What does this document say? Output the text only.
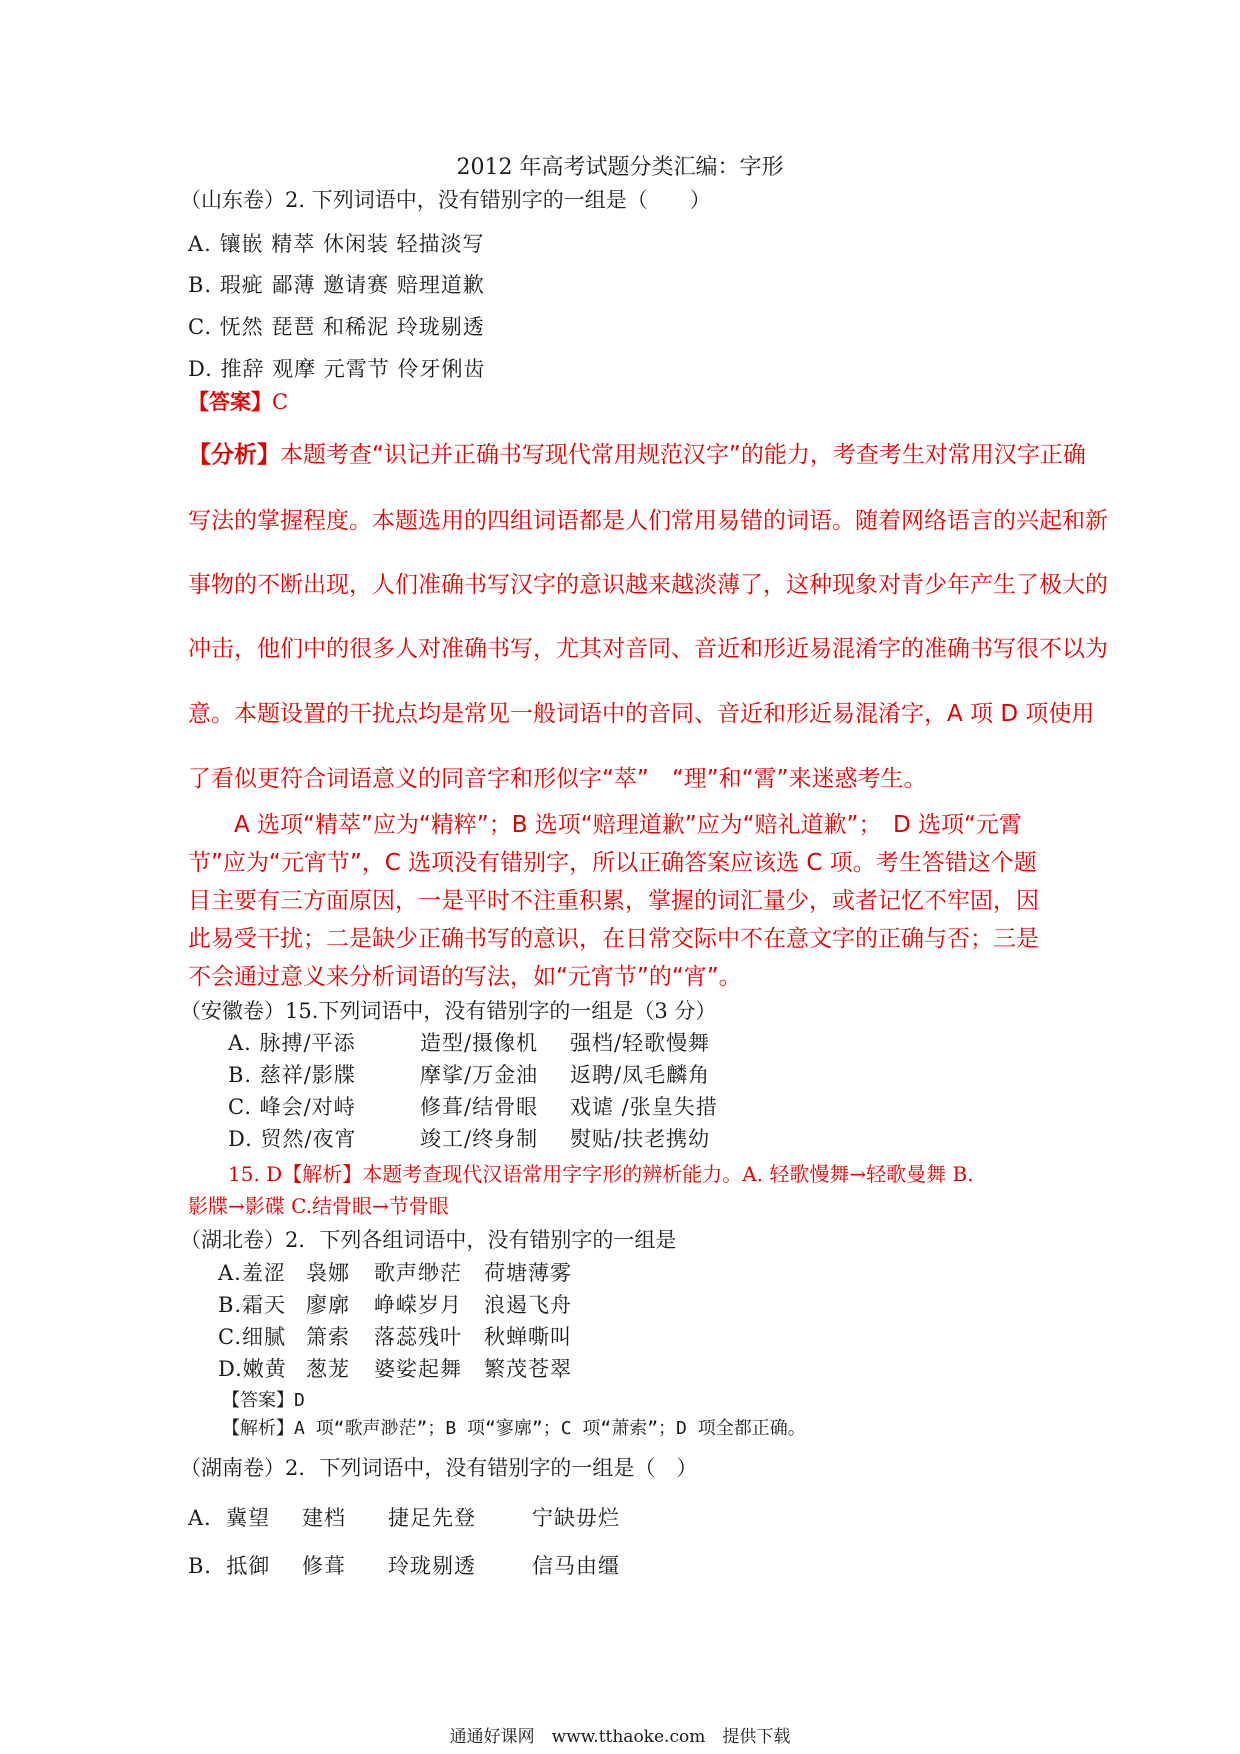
2012 年高考试题分类汇编：字形
（山东卷）2. 下列词语中，没有错别字的一组是（　　）
A. 镶嵌 精萃 休闲装 轻描淡写
B. 瑕疵 鄙薄 邀请赛 赔理道歉
C. 怃然 琵琶 和稀泥 玲珑剔透
D. 推辞 观摩 元霄节 伶牙俐齿
【答案】C
【分析】本题考查“识记并正确书写现代常用规范汉字”的能力，考查考生对常用汉字正确
写法的掌握程度。本题选用的四组词语都是人们常用易错的词语。随着网络语言的兴起和新
事物的不断出现，人们准确书写汉字的意识越来越淡薄了，这种现象对青少年产生了极大的
冲击，他们中的很多人对准确书写，尤其对音同、音近和形近易混淆字的准确书写很不以为
意。本题设置的干扰点均是常见一般词语中的音同、音近和形近易混淆字，A 项 D 项使用
了看似更符合词语意义的同音字和形似字“萃”　“理”和“霄”来迷惑考生。
A 选项“精萃”应为“精粹”；B 选项“赔理道歉”应为“赔礼道歉”；　D 选项“元霄节”应为“元宵节”，C 选项没有错别字，所以正确答案应该选 C 项。考生答错这个题目主要有三方面原因，一是平时不注重积累，掌握的词汇量少，或者记忆不牢固，因此易受干扰；二是缺少正确书写的意识，在日常交际中不在意文字的正确与否；三是不会通过意义来分析词语的写法，如“元宵节”的“宵”。
（安徽卷）15.下列词语中，没有错别字的一组是（3 分）
A. 脉搏/平添	造型/摄像机 强档/轻歌慢舞
B. 慈祥/影牒	摩挲/万金油 返聘/凤毛麟角
C. 峰会/对峙	修葺/结骨眼 戏谑 /张皇失措
D. 贸然/夜宵	竣工/终身制 熨贴/扶老携幼
15. D【解析】本题考查现代汉语常用字字形的辨析能力。A. 轻歌慢舞→轻歌曼舞 B.
影牒→影碟 C.结骨眼→节骨眼
（湖北卷）2．下列各组词语中，没有错别字的一组是
A.羞涩 袅娜 歌声缈茫 荷塘薄雾
B.霜天 廖廓 峥嵘岁月 浪遏飞舟
C.细腻 箫索 落蕊残叶 秋蝉嘶叫
D.嫩黄 葱茏 婆娑起舞 繁茂苍翠
【答案】D
【解析】A 项“歌声渺茫”；B 项“寥廓”；C 项“萧索”；D 项全都正确。
（湖南卷）2．下列词语中，没有错别字的一组是（　）
A．冀望 建档 捷足先登	宁缺毋烂
B．抵御 修葺 玲珑剔透	信马由缰
通通好课网　www.tthaoke.com　提供下载
